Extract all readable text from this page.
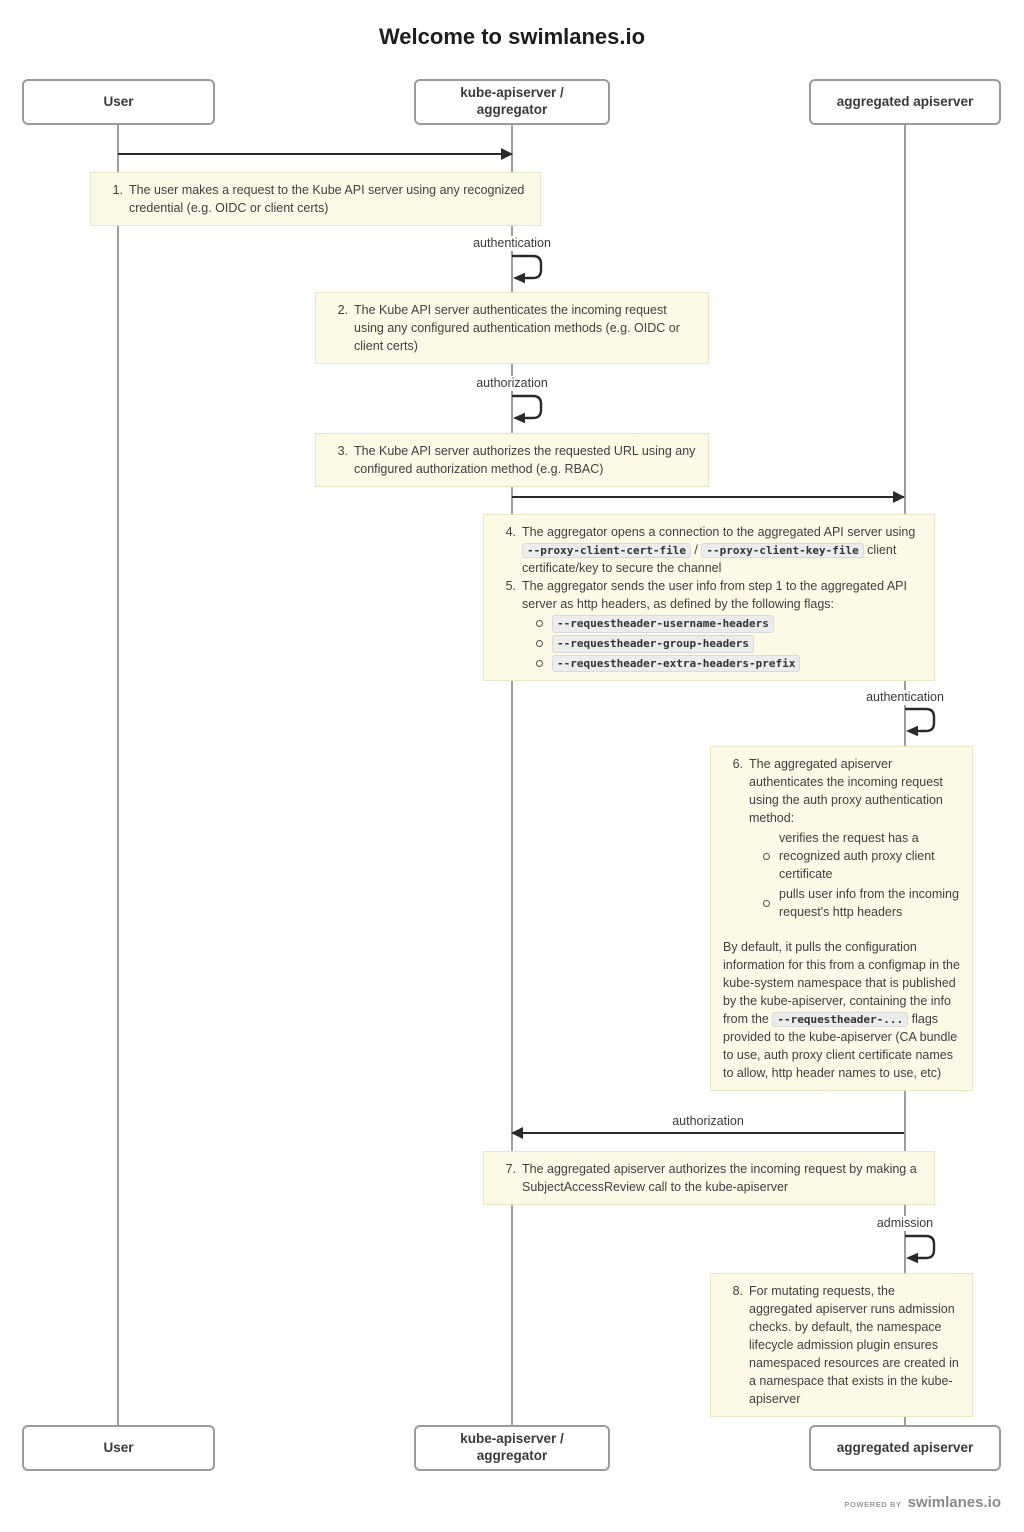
Welcome to swimlanes.io
User
kube-apiserver /
aggregator
aggregated apiserver
authentication
authorization
authentication
authorization
admission
1. The user makes a request to the Kube API server using any recognized credential (e.g. OIDC or client certs)
2. The Kube API server authenticates the incoming request using any configured authentication methods (e.g. OIDC or client certs)
3. The Kube API server authorizes the requested URL using any configured authorization method (e.g. RBAC)
4. The aggregator opens a connection to the aggregated API server using --proxy-client-cert-file / --proxy-client-key-file client certificate/key to secure the channel
5. The aggregator sends the user info from step 1 to the aggregated API server as http headers, as defined by the following flags:
--requestheader-username-headers
--requestheader-group-headers
--requestheader-extra-headers-prefix
6. The aggregated apiserver authenticates the incoming request using the auth proxy authentication method:
verifies the request has a recognized auth proxy client certificate
pulls user info from the incoming request's http headers
By default, it pulls the configuration information for this from a configmap in the kube-system namespace that is published by the kube-apiserver, containing the info from the --requestheader-... flags provided to the kube-apiserver (CA bundle to use, auth proxy client certificate names to allow, http header names to use, etc)
7. The aggregated apiserver authorizes the incoming request by making a SubjectAccessReview call to the kube-apiserver
8. For mutating requests, the aggregated apiserver runs admission checks. by default, the namespace lifecycle admission plugin ensures namespaced resources are created in a namespace that exists in the kube-apiserver
User
kube-apiserver /
aggregator
aggregated apiserver
POWERED BY swimlanes.io
